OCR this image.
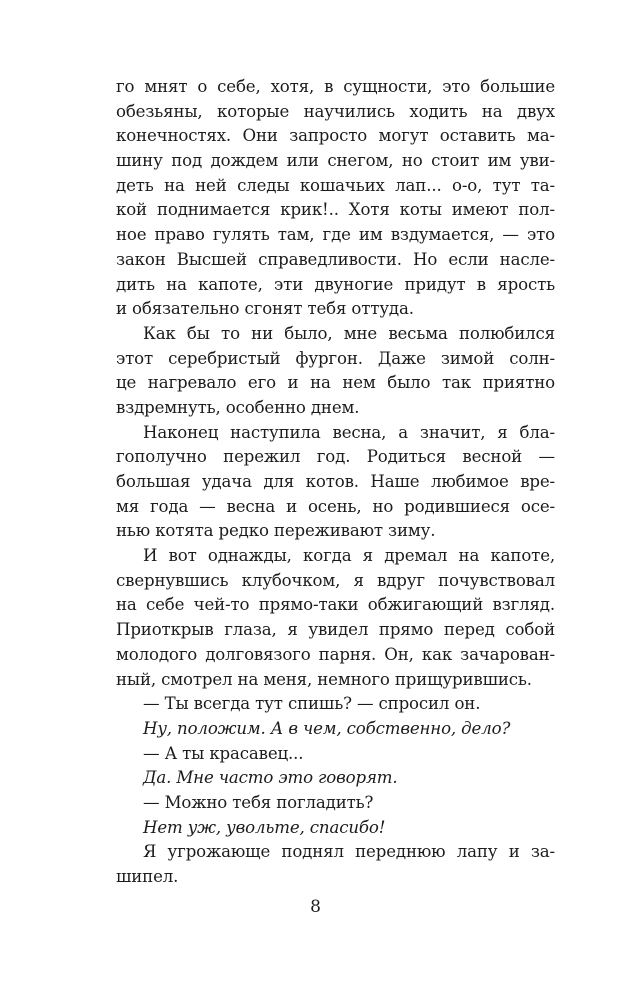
го мнят о себе, хотя, в сущности, это большие
обезьяны, которые научились ходить на двух
конечностях. Они запросто могут оставить ма-
шину под дождем или снегом, но стоит им уви-
деть на ней следы кошачьих лап... о-о, тут та-
кой поднимается крик!.. Хотя коты имеют пол-
ное право гулять там, где им вздумается, — это
закон Высшей справедливости. Но если наслe-
дить на капоте, эти двуногие придут в ярость
и обязательно сгонят тебя оттуда.
Как бы то ни было, мне весьма полюбился
этот серебристый фургон. Даже зимой солн-
це нагревало его и на нем было так приятно
вздремнуть, особенно днем.
Наконец наступила весна, а значит, я бла-
гополучно пережил год. Родиться весной —
большая удача для котов. Наше любимое вре-
мя года — весна и осень, но родившиеся осе-
нью котята редко переживают зиму.
И вот однажды, когда я дремал на капоте,
свернувшись клубочком, я вдруг почувствовал
на себе чей-то прямо-таки обжигающий взгляд.
Приоткрыв глаза, я увидел прямо перед собой
молодого долговязого парня. Он, как зачарован-
ный, смотрел на меня, немного прищурившись.
— Ты всегда тут спишь? — спросил он.
Ну, положим. А в чем, собственно, дело?
— А ты красавец...
Да. Мне часто это говорят.
— Можно тебя погладить?
Нет уж, увольте, спасибо!
Я угрожающе поднял переднюю лапу и за-
шипел.
8
